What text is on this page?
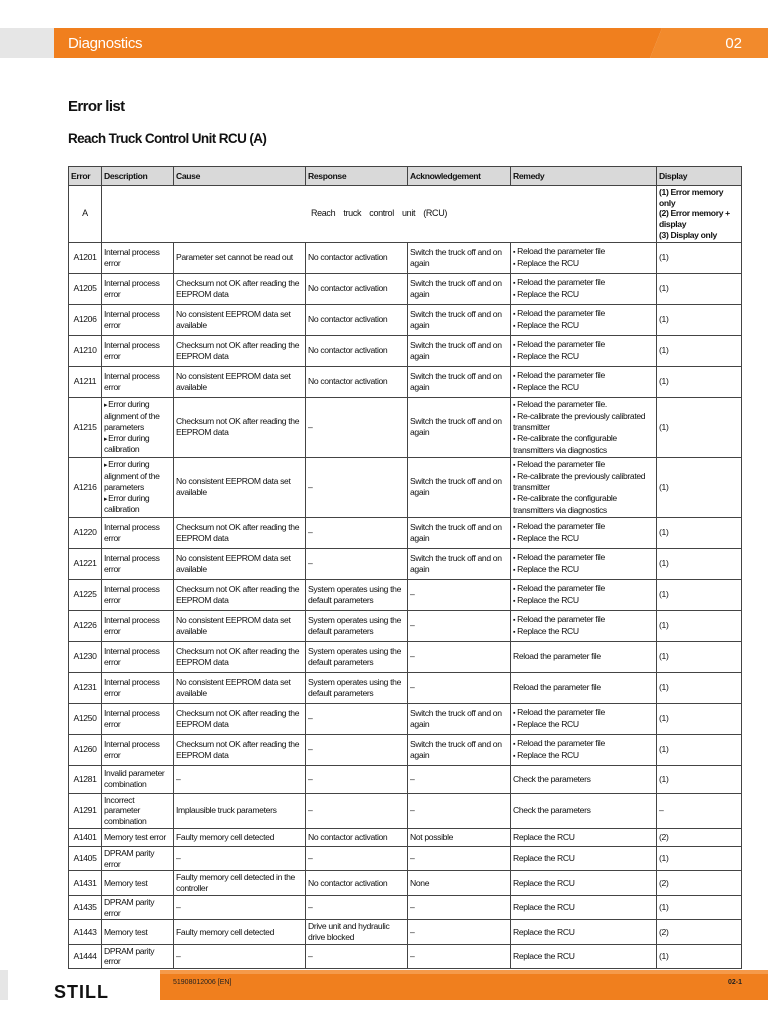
Diagnostics	02
Error list
Reach Truck Control Unit RCU (A)
Error	Description	Cause	Response	Acknowledgement	Remedy	Display
A	Reach truck control unit (RCU)					(1) Error memory only
(2) Error memory + display
(3) Display only

A1201	Internal process error	Parameter set cannot be read out	No contactor activation	Switch the truck off and on again	▪ Reload the parameter file
▪ Replace the RCU	(1)
A1205	Internal process error	Checksum not OK after reading the EEPROM data	No contactor activation	Switch the truck off and on again	▪ Reload the parameter file
▪ Replace the RCU	(1)
A1206	Internal process error	No consistent EEPROM data set available	No contactor activation	Switch the truck off and on again	▪ Reload the parameter file
▪ Replace the RCU	(1)
A1210	Internal process error	Checksum not OK after reading the EEPROM data	No contactor activation	Switch the truck off and on again	▪ Reload the parameter file
▪ Replace the RCU	(1)
A1211	Internal process error	No consistent EEPROM data set available	No contactor activation	Switch the truck off and on again	▪ Reload the parameter file
▪ Replace the RCU	(1)
A1215	▸ Error during alignment of the parameters
▸ Error during calibration	Checksum not OK after reading the EEPROM data	–	Switch the truck off and on again	▪ Reload the parameter file.
▪ Re-calibrate the previously calibrated transmitter
▪ Re-calibrate the configurable transmitters via diagnostics	(1)
A1216	▸ Error during alignment of the parameters
▸ Error during calibration	No consistent EEPROM data set available	–	Switch the truck off and on again	▪ Reload the parameter file
▪ Re-calibrate the previously calibrated transmitter
▪ Re-calibrate the configurable transmitters via diagnostics	(1)
A1220	Internal process error	Checksum not OK after reading the EEPROM data	–	Switch the truck off and on again	▪ Reload the parameter file
▪ Replace the RCU	(1)
A1221	Internal process error	No consistent EEPROM data set available	–	Switch the truck off and on again	▪ Reload the parameter file
▪ Replace the RCU	(1)
A1225	Internal process error	Checksum not OK after reading the EEPROM data	System operates using the default parameters	–	▪ Reload the parameter file
▪ Replace the RCU	(1)
A1226	Internal process error	No consistent EEPROM data set available	System operates using the default parameters	–	▪ Reload the parameter file
▪ Replace the RCU	(1)
A1230	Internal process error	Checksum not OK after reading the EEPROM data	System operates using the default parameters	–	Reload the parameter file	(1)
A1231	Internal process error	No consistent EEPROM data set available	System operates using the default parameters	–	Reload the parameter file	(1)
A1250	Internal process error	Checksum not OK after reading the EEPROM data	–	Switch the truck off and on again	▪ Reload the parameter file
▪ Replace the RCU	(1)
A1260	Internal process error	Checksum not OK after reading the EEPROM data	–	Switch the truck off and on again	▪ Reload the parameter file
▪ Replace the RCU	(1)
A1281	Invalid parameter combination	–	–	–	Check the parameters	(1)
A1291	Incorrect parameter combination	Implausible truck parameters	–	–	Check the parameters	–
A1401	Memory test error	Faulty memory cell detected	No contactor activation	Not possible	Replace the RCU	(2)
A1405	DPRAM parity error	–	–	–	Replace the RCU	(1)
A1431	Memory test	Faulty memory cell detected in the controller	No contactor activation	None	Replace the RCU	(2)
A1435	DPRAM parity error	–	–	–	Replace the RCU	(1)
A1443	Memory test	Faulty memory cell detected	Drive unit and hydraulic drive blocked	–	Replace the RCU	(2)
A1444	DPRAM parity error	–	–	–	Replace the RCU	(1)
STILL	51908012006 [EN]	02-1
